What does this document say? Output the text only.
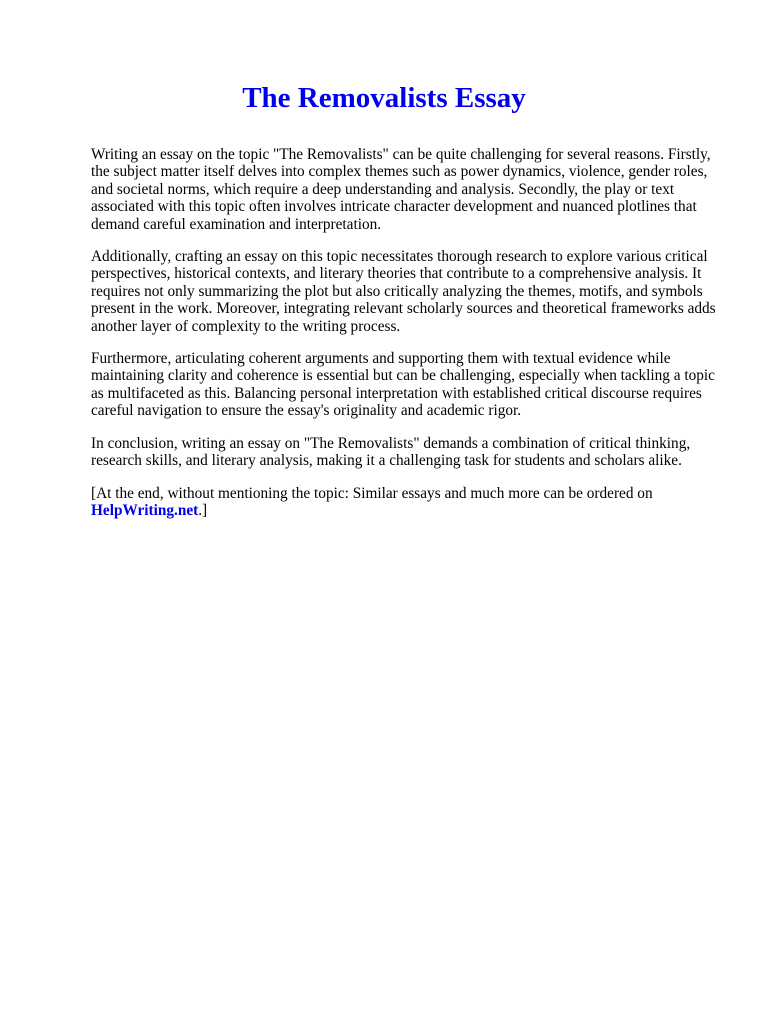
The Removalists Essay

Writing an essay on the topic "The Removalists" can be quite challenging for several reasons. Firstly, the subject matter itself delves into complex themes such as power dynamics, violence, gender roles, and societal norms, which require a deep understanding and analysis. Secondly, the play or text associated with this topic often involves intricate character development and nuanced plotlines that demand careful examination and interpretation.

Additionally, crafting an essay on this topic necessitates thorough research to explore various critical perspectives, historical contexts, and literary theories that contribute to a comprehensive analysis. It requires not only summarizing the plot but also critically analyzing the themes, motifs, and symbols present in the work. Moreover, integrating relevant scholarly sources and theoretical frameworks adds another layer of complexity to the writing process.

Furthermore, articulating coherent arguments and supporting them with textual evidence while maintaining clarity and coherence is essential but can be challenging, especially when tackling a topic as multifaceted as this. Balancing personal interpretation with established critical discourse requires careful navigation to ensure the essay's originality and academic rigor.

In conclusion, writing an essay on "The Removalists" demands a combination of critical thinking, research skills, and literary analysis, making it a challenging task for students and scholars alike.

[At the end, without mentioning the topic: Similar essays and much more can be ordered on
HelpWriting.net.]
